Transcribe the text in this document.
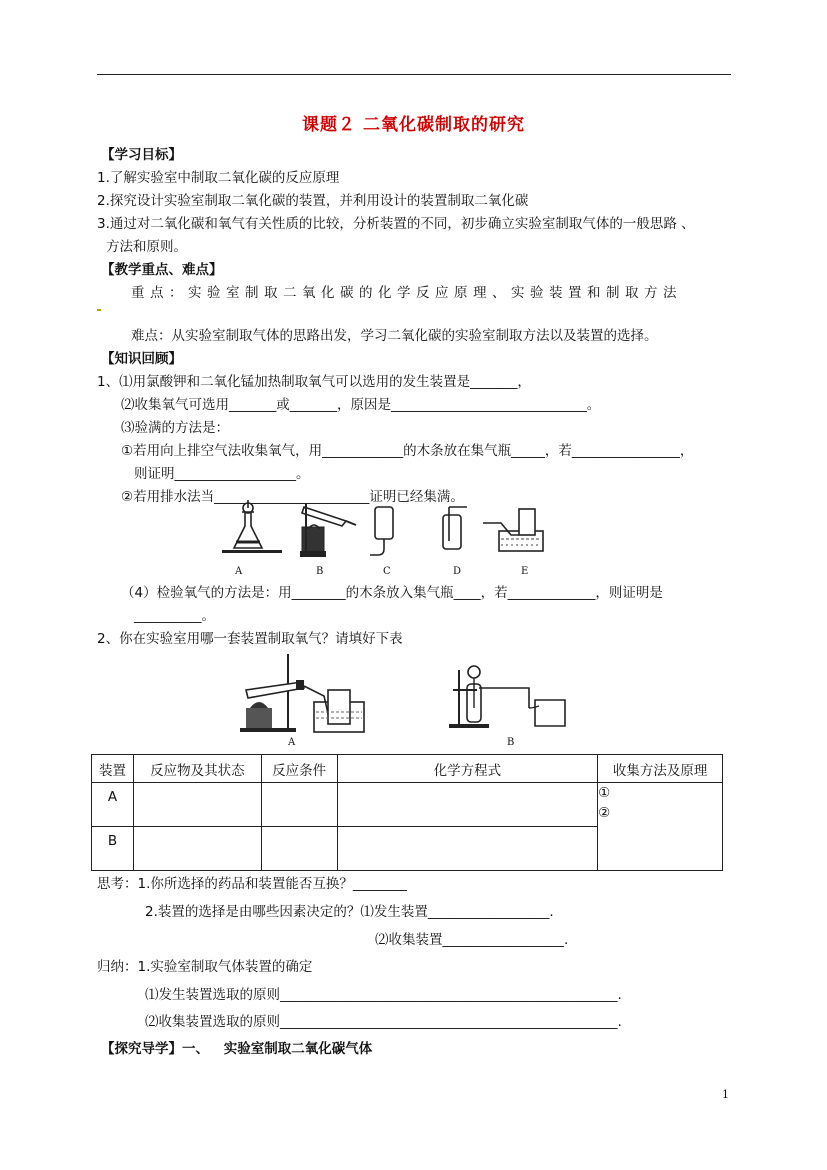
课题２ 二氧化碳制取的研究
【学习目标】
1.了解实验室中制取二氧化碳的反应原理
2.探究设计实验室制取二氧化碳的装置，并利用设计的装置制取二氧化碳
3.通过对二氧化碳和氧气有关性质的比较，分析装置的不同，初步确立实验室制取气体的一般思路 、
方法和原则。
【教学重点、难点】
重点：实验室制取二氧化碳的化学反应原理、实验装置和制取方法
难点：从实验室制取气体的思路出发，学习二氧化碳的实验室制取方法以及装置的选择。
【知识回顾】
1、⑴用氯酸钾和二氧化锰加热制取氧气可以选用的发生装置是_______，
⑵收集氧气可选用_______或_______，原因是_____________________________。
⑶验满的方法是：
①若用向上排空气法收集氧气，用____________的木条放在集气瓶_____，若________________，
则证明__________________。
②若用排水法当_______________________证明已经集满。
A	B	C	D	E
（4）检验氧气的方法是：用________的木条放入集气瓶____，若_____________，则证明是
__________。
2、你在实验室用哪一套装置制取氧气？请填好下表
A	B
装置	反应物及其状态	反应条件	化学方程式	收集方法及原理

A				①
②

B				

思考：1.你所选择的药品和装置能否互换？________
2.装置的选择是由哪些因素决定的？⑴发生装置__________________.
⑵收集装置__________________.
归纳：1.实验室制取气体装置的确定
⑴发生装置选取的原则__________________________________________________.
⑵收集装置选取的原则__________________________________________________.
【探究导学】一、 实验室制取二氧化碳气体
1
